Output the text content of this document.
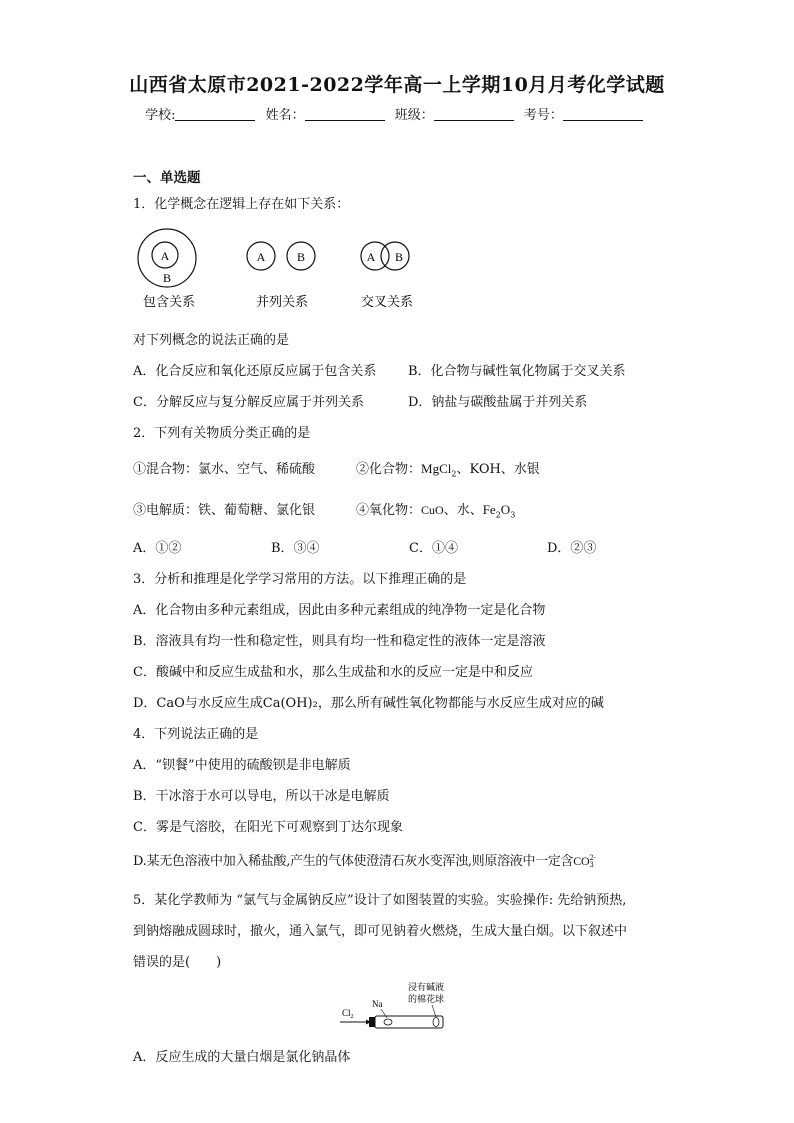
山西省太原市2021-2022学年高一上学期10月月考化学试题
学校:	姓名：	班级：	考号：
一、单选题
1．化学概念在逻辑上存在如下关系：
A
B
包含关系
A	B
并列关系
A B
交叉关系
对下列概念的说法正确的是
A．化合反应和氧化还原反应属于包含关系 B．化合物与碱性氧化物属于交叉关系
C．分解反应与复分解反应属于并列关系	D．钠盐与碳酸盐属于并列关系
2．下列有关物质分类正确的是
①混合物：氯水、空气、稀硫酸	②化合物：MgCl$_2$、KOH、水银
③电解质：铁、葡萄糖、氯化银	④氧化物：CuO、水、$Fe_2O_3$
A．①②	B．③④	C．①④	D．②③
3．分析和推理是化学学习常用的方法。以下推理正确的是
A．化合物由多种元素组成，因此由多种元素组成的纯净物一定是化合物
B．溶液具有均一性和稳定性，则具有均一性和稳定性的液体一定是溶液
C．酸碱中和反应生成盐和水，那么生成盐和水的反应一定是中和反应
D．CaO与水反应生成Ca(OH)₂，那么所有碱性氧化物都能与水反应生成对应的碱
4．下列说法正确的是
A．“钡餐”中使用的硫酸钡是非电解质
B．干冰溶于水可以导电，所以干冰是电解质
C．雾是气溶胶，在阳光下可观察到丁达尔现象
D.某无色溶液中加入稀盐酸,产生的气体使澄清石灰水变浑浊,则原溶液中一定含CO 2-
3
5．某化学教师为 “氯气与金属钠反应”设计了如图装置的实验。实验操作: 先给钠预热,
到钠熔融成圆球时，撤火，通入氯气，即可见钠着火燃烧，生成大量白烟。以下叙述中
错误的是(　　)
$Cl_2$
Na
浸有碱液
的棉花球
A．反应生成的大量白烟是氯化钠晶体
